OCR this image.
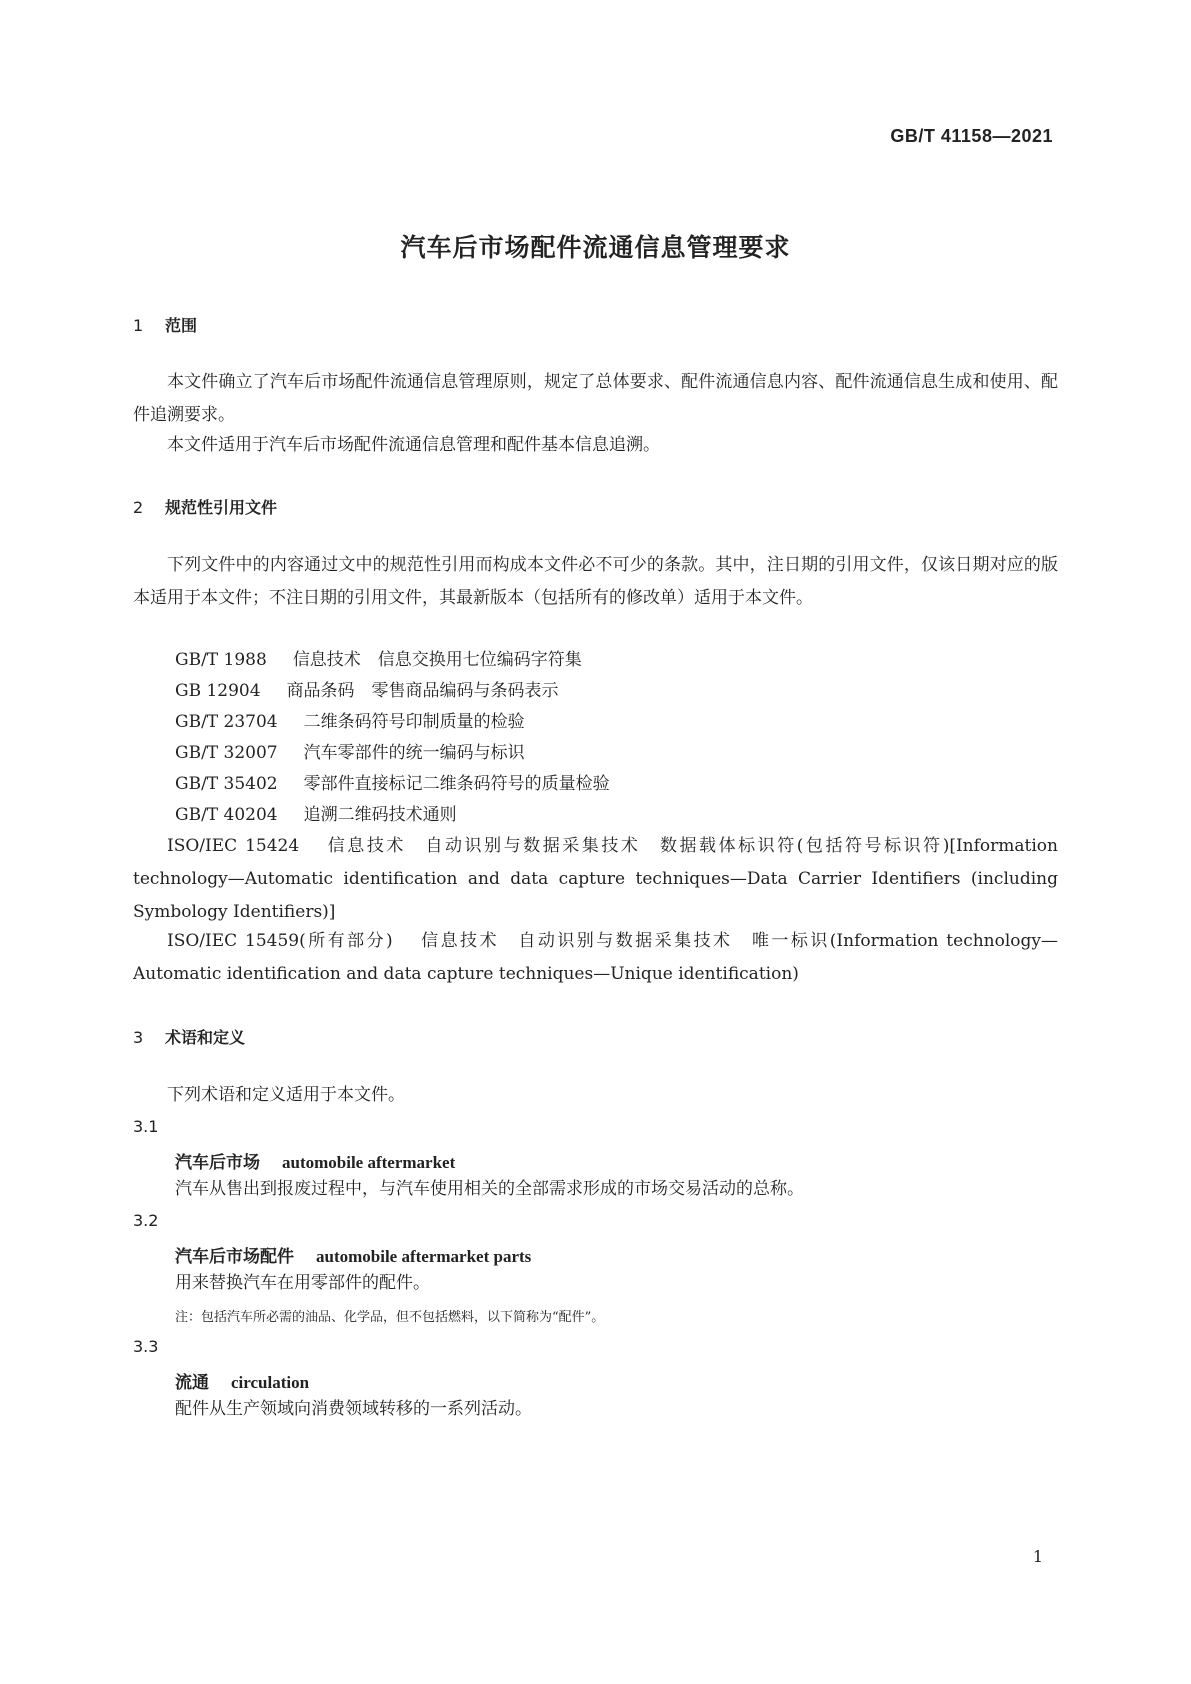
GB/T 41158—2021
汽车后市场配件流通信息管理要求
1 范围
本文件确立了汽车后市场配件流通信息管理原则，规定了总体要求、配件流通信息内容、配件流通信息生成和使用、配件追溯要求。
本文件适用于汽车后市场配件流通信息管理和配件基本信息追溯。
2 规范性引用文件
下列文件中的内容通过文中的规范性引用而构成本文件必不可少的条款。其中，注日期的引用文件，仅该日期对应的版本适用于本文件；不注日期的引用文件，其最新版本（包括所有的修改单）适用于本文件。
GB/T 1988 信息技术　信息交换用七位编码字符集
GB 12904 商品条码　零售商品编码与条码表示
GB/T 23704 二维条码符号印制质量的检验
GB/T 32007 汽车零部件的统一编码与标识
GB/T 35402 零部件直接标记二维条码符号的质量检验
GB/T 40204 追溯二维码技术通则
ISO/IEC 15424 信息技术　自动识别与数据采集技术　数据载体标识符(包括符号标识符)[Information technology—Automatic identification and data capture techniques—Data Carrier Identifiers (including Symbology Identifiers)]
ISO/IEC 15459(所有部分) 信息技术　自动识别与数据采集技术　唯一标识(Information technology—Automatic identification and data capture techniques—Unique identification)
3 术语和定义
下列术语和定义适用于本文件。
3.1
汽车后市场 automobile aftermarket
汽车从售出到报废过程中，与汽车使用相关的全部需求形成的市场交易活动的总称。
3.2
汽车后市场配件 automobile aftermarket parts
用来替换汽车在用零部件的配件。
注：包括汽车所必需的油品、化学品，但不包括燃料，以下简称为“配件”。
3.3
流通 circulation
配件从生产领域向消费领域转移的一系列活动。
1
